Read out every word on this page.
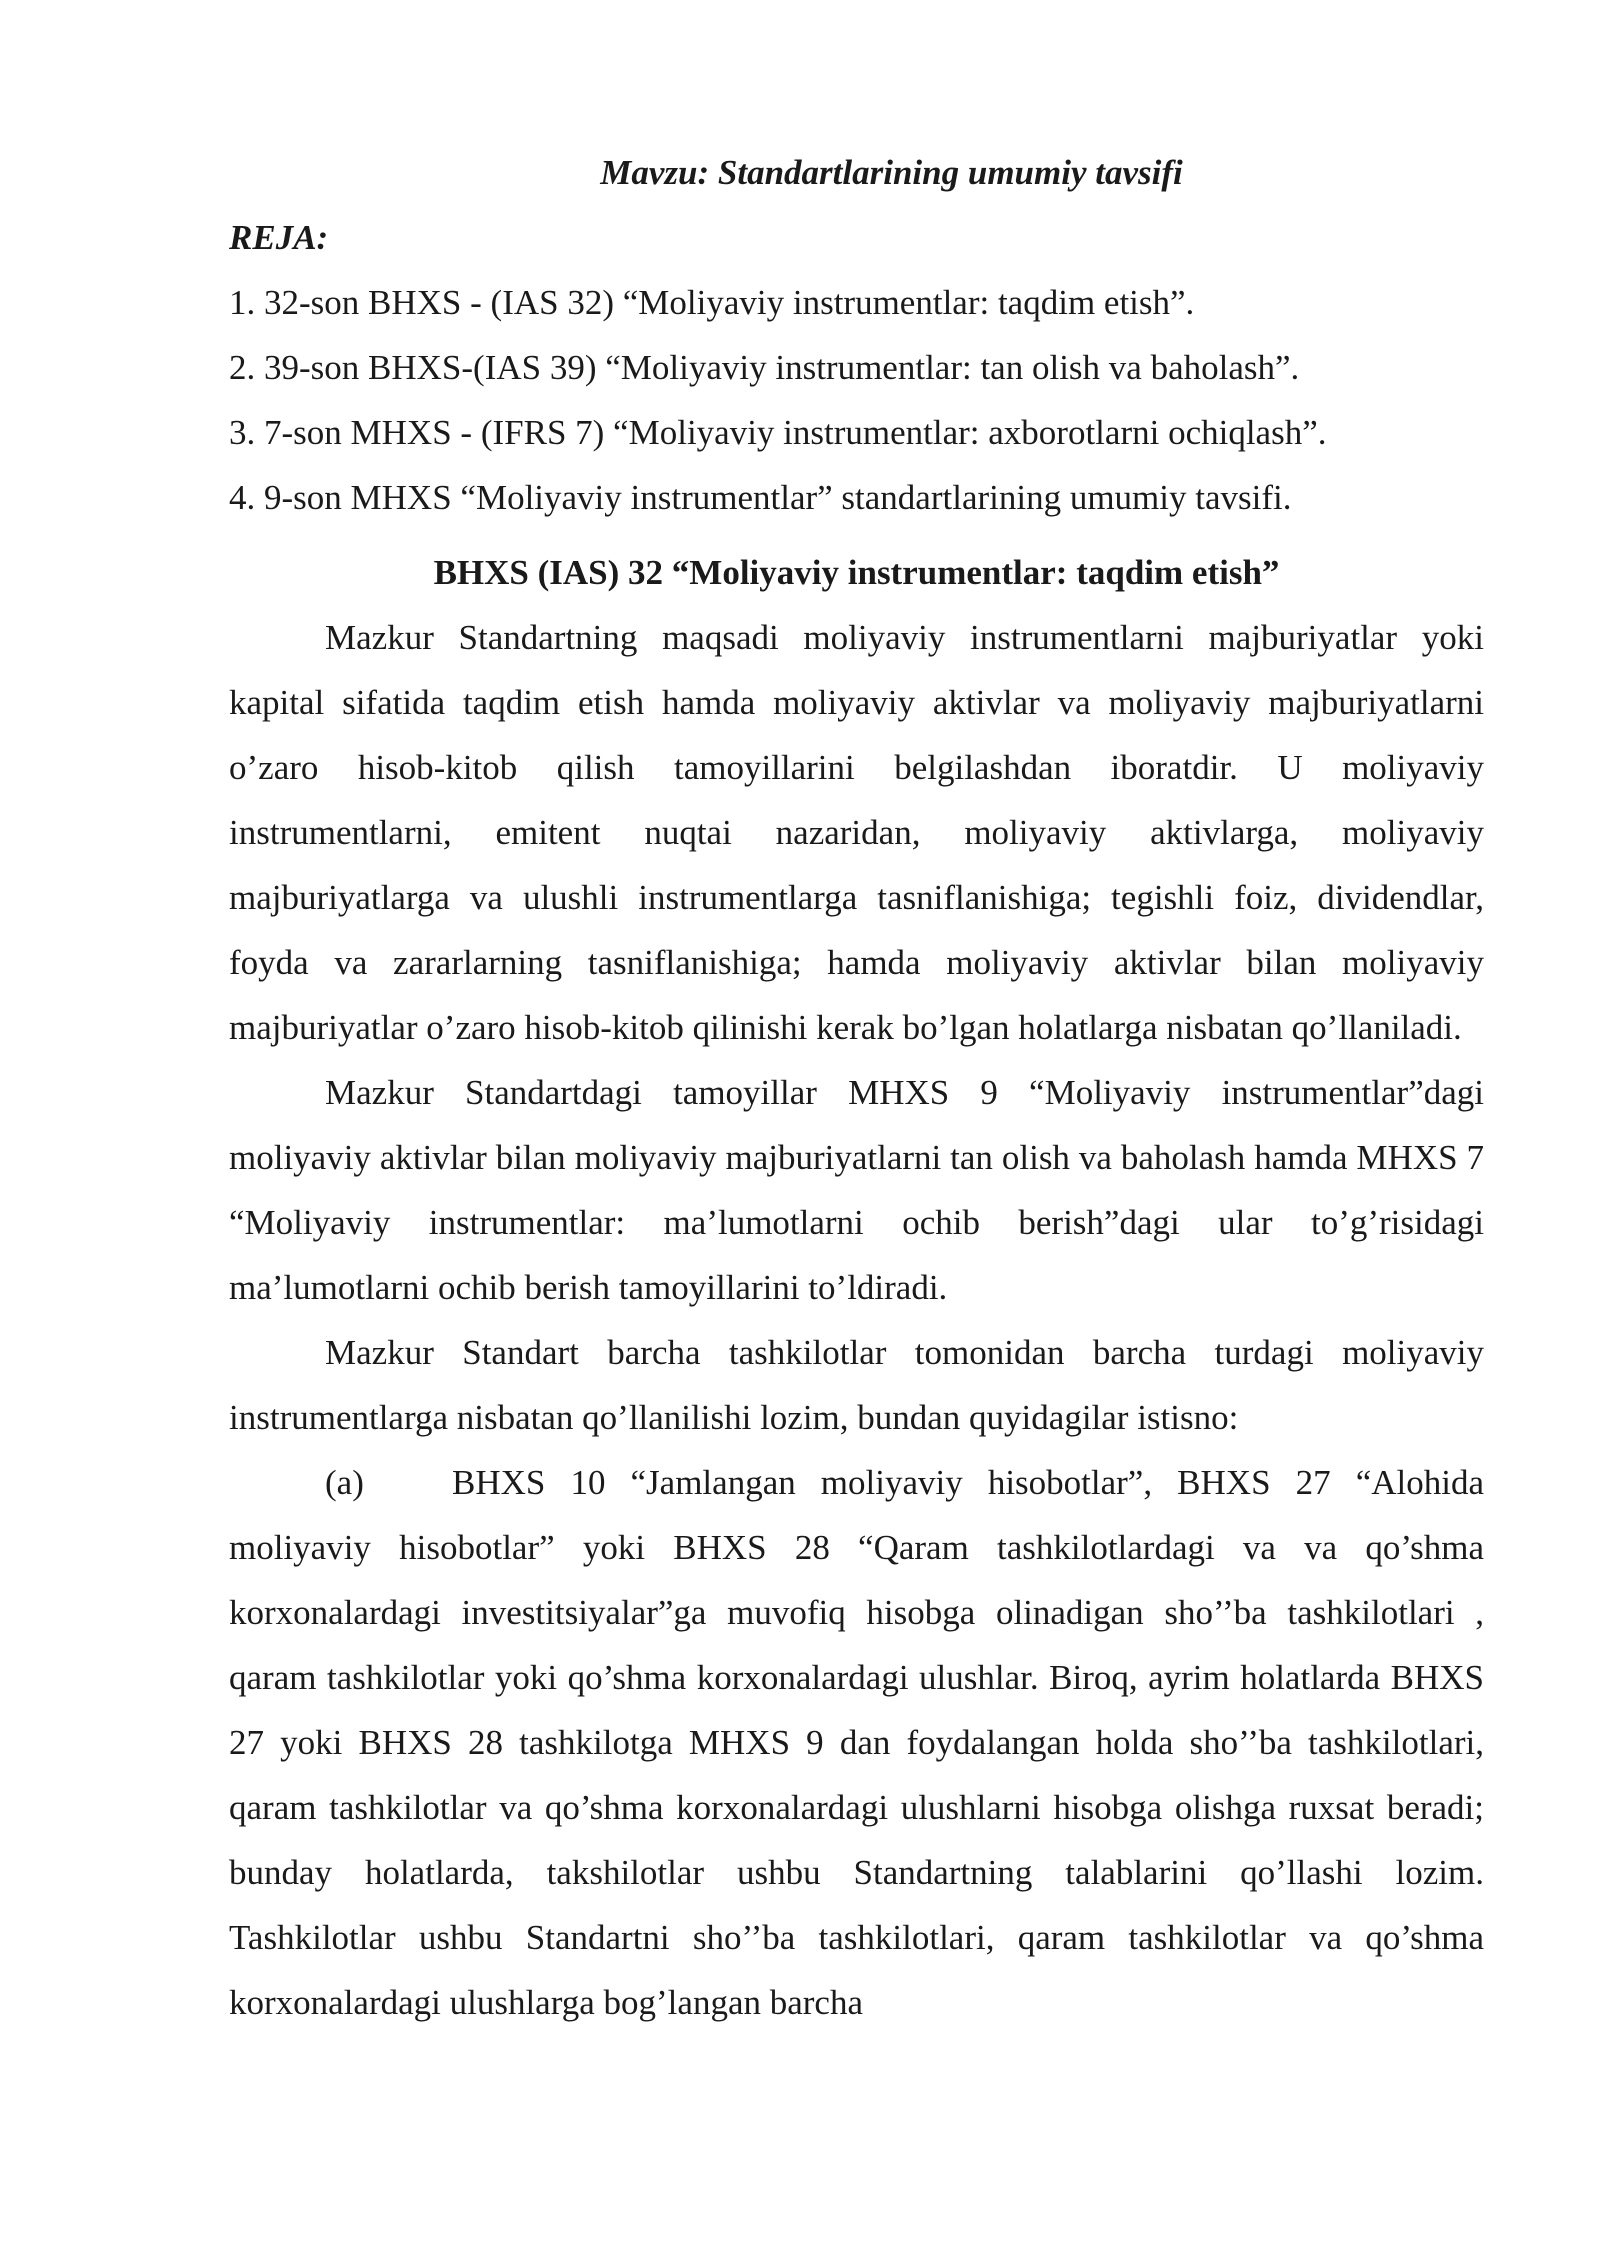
Mavzu: Standartlarining umumiy tavsifi

REJA:

1. 32-son BHXS - (IAS 32) “Moliyaviy instrumentlar: taqdim etish”.
2. 39-son BHXS-(IAS 39) “Moliyaviy instrumentlar: tan olish va baholash”.
3. 7-son MHXS - (IFRS 7) “Moliyaviy instrumentlar: axborotlarni ochiqlash”.
4. 9-son MHXS “Moliyaviy instrumentlar” standartlarining umumiy tavsifi.

BHXS (IAS) 32 “Moliyaviy instrumentlar: taqdim etish”

Mazkur Standartning maqsadi moliyaviy instrumentlarni majburiyatlar yoki kapital sifatida taqdim etish hamda moliyaviy aktivlar va moliyaviy majburiyatlarni o’zaro hisob-kitob qilish tamoyillarini belgilashdan iboratdir. U moliyaviy instrumentlarni, emitent nuqtai nazaridan, moliyaviy aktivlarga, moliyaviy majburiyatlarga va ulushli instrumentlarga tasniflanishiga; tegishli foiz, dividendlar, foyda va zararlarning tasniflanishiga; hamda moliyaviy aktivlar bilan moliyaviy majburiyatlar o’zaro hisob-kitob qilinishi kerak bo’lgan holatlarga nisbatan qo’llaniladi.

Mazkur Standartdagi tamoyillar MHXS 9 “Moliyaviy instrumentlar”dagi moliyaviy aktivlar bilan moliyaviy majburiyatlarni tan olish va baholash hamda MHXS 7 “Moliyaviy instrumentlar: ma’lumotlarni ochib berish”dagi ular to’g’risidagi ma’lumotlarni ochib berish tamoyillarini to’ldiradi.

Mazkur Standart barcha tashkilotlar tomonidan barcha turdagi moliyaviy instrumentlarga nisbatan qo’llanilishi lozim, bundan quyidagilar istisno:

(a)	BHXS 10 “Jamlangan moliyaviy hisobotlar”, BHXS 27 “Alohida moliyaviy hisobotlar” yoki BHXS 28 “Qaram tashkilotlardagi va va qo’shma korxonalardagi investitsiyalar”ga muvofiq hisobga olinadigan sho’’ba tashkilotlari , qaram tashkilotlar yoki qo’shma korxonalardagi ulushlar. Biroq, ayrim holatlarda BHXS 27 yoki BHXS 28 tashkilotga MHXS 9 dan foydalangan holda sho’’ba tashkilotlari, qaram tashkilotlar va qo’shma korxonalardagi ulushlarni hisobga olishga ruxsat beradi; bunday holatlarda, takshilotlar ushbu Standartning talablarini qo’llashi lozim. Tashkilotlar ushbu Standartni sho’’ba tashkilotlari, qaram tashkilotlar va qo’shma korxonalardagi ulushlarga bog’langan barcha
